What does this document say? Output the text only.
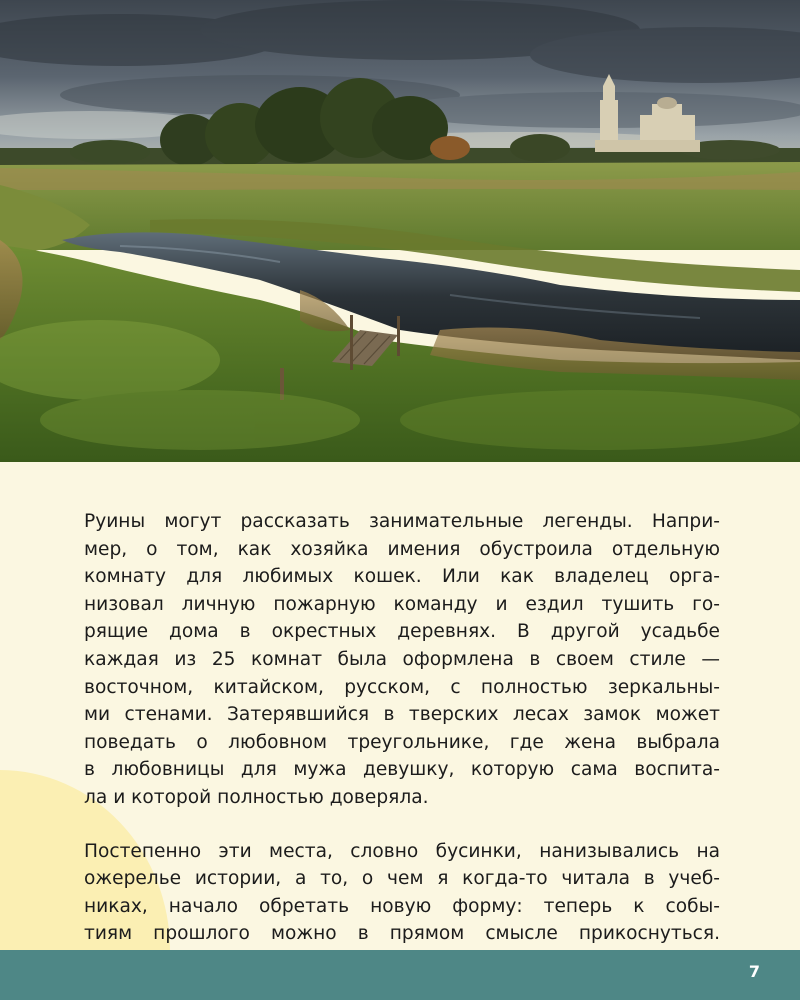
Руины могут рассказать занимательные легенды. Напри-
мер, о том, как хозяйка имения обустроила отдельную
комнату для любимых кошек. Или как владелец орга-
низовал личную пожарную команду и ездил тушить го-
рящие дома в окрестных деревнях. В другой усадьбе
каждая из 25 комнат была оформлена в своем стиле —
восточном, китайском, русском, с полностью зеркальны-
ми стенами. Затерявшийся в тверских лесах замок может
поведать о любовном треугольнике, где жена выбрала
в любовницы для мужа девушку, которую сама воспита-
ла и которой полностью доверяла.

Постепенно эти места, словно бусинки, нанизывались на
ожерелье истории, а то, о чем я когда-то читала в учеб-
никах, начало обретать новую форму: теперь к собы-
тиям прошлого можно в прямом смысле прикоснуться.

7
